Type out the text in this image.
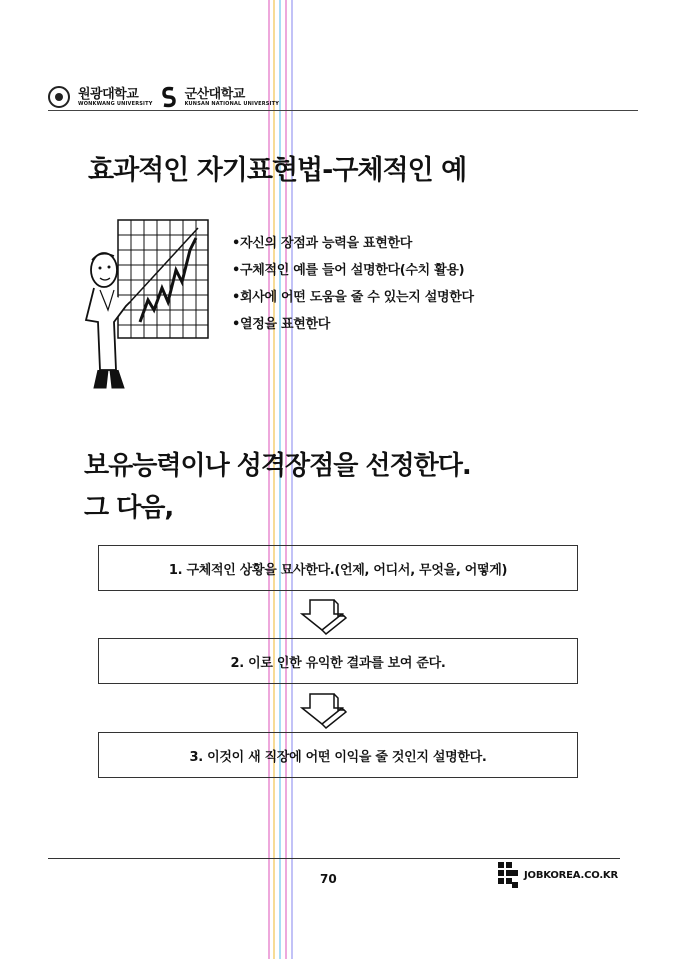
원광대학교
WONKWANG UNIVERSITY
군산대학교
KUNSAN NATIONAL UNIVERSITY
효과적인 자기표현법-구체적인 예
•자신의 장점과 능력을 표현한다
•구체적인 예를 들어 설명한다(수치 활용)
•회사에 어떤 도움을 줄 수 있는지 설명한다
•열정을 표현한다
보유능력이나 성격장점을 선정한다.
그 다음,
1. 구체적인 상황을 묘사한다.(언제, 어디서, 무엇을, 어떻게)
2. 이로 인한 유익한 결과를 보여 준다.
3. 이것이 새 직장에 어떤 이익을 줄 것인지 설명한다.
70	JOBKOREA.CO.KR
